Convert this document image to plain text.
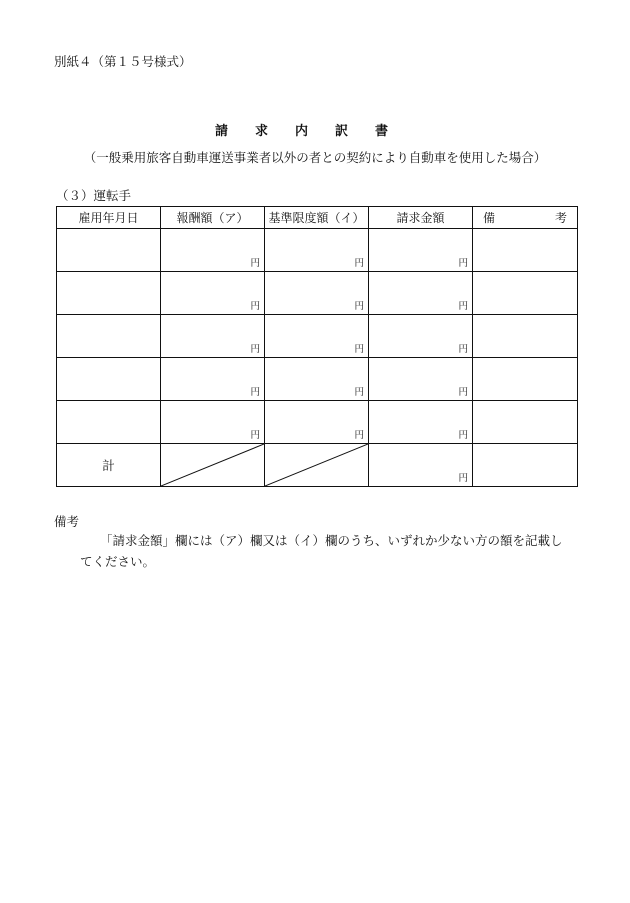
別紙４（第１５号様式）
請求内訳書
（一般乗用旅客自動車運送事業者以外の者との契約により自動車を使用した場合）
（３）運転手
雇用年月日	報酬額（ア）	基準限度額（イ）	請求金額	備 考

	円	円	円	

	円	円	円	

	円	円	円	

	円	円	円	

	円	円	円	

計			円	

備考
「請求金額」欄には（ア）欄又は（イ）欄のうち、いずれか少ない方の額を記載してください。
